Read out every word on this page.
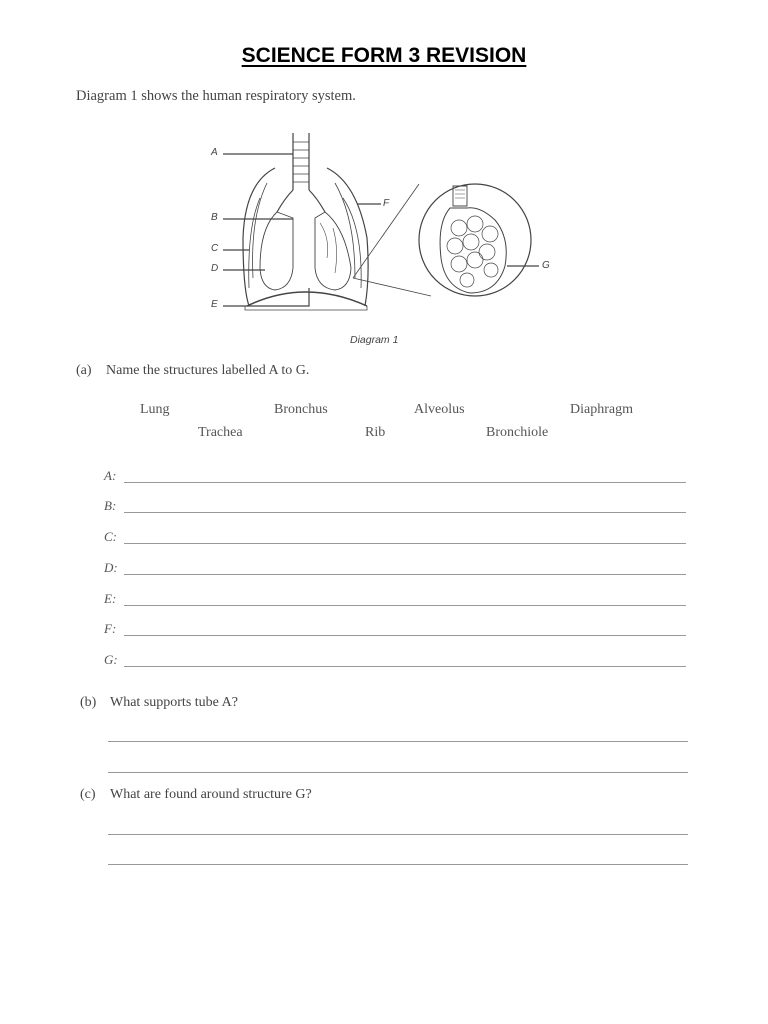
SCIENCE FORM 3 REVISION
Diagram 1 shows the human respiratory system.
A
B
C
D
E
F
G
Diagram 1
(a) Name the structures labelled A to G.
Lung	Bronchus	Alveolus	Diaphragm
Trachea	Rib	Bronchiole
A:
B:
C:
D:
E:
F:
G:
(b) What supports tube A?
(c) What are found around structure G?
